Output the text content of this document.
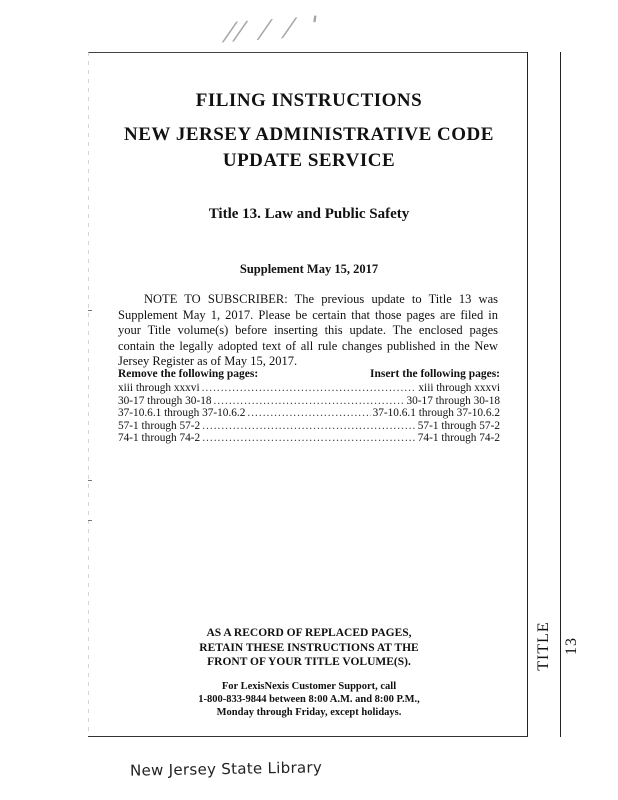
⁄⁄ ⁄ ⁄ ˈ
TITLE 13
FILING INSTRUCTIONS
NEW JERSEY ADMINISTRATIVE CODE
UPDATE SERVICE
Title 13. Law and Public Safety
Supplement May 15, 2017
NOTE TO SUBSCRIBER: The previous update to Title 13 was Supplement May 1, 2017. Please be certain that those pages are filed in your Title volume(s) before inserting this update. The enclosed pages contain the legally adopted text of all rule changes published in the New Jersey Register as of May 15, 2017.
Remove the following pages:	Insert the following pages:
xiii through xxxvi .....	xiii through xxxvi
30-17 through 30-18 .....	30-17 through 30-18
37-10.6.1 through 37-10.6.2 .....	37-10.6.1 through 37-10.6.2
57-1 through 57-2 .....	57-1 through 57-2
74-1 through 74-2 .....	74-1 through 74-2
AS A RECORD OF REPLACED PAGES,
RETAIN THESE INSTRUCTIONS AT THE
FRONT OF YOUR TITLE VOLUME(S).
For LexisNexis Customer Support, call
1-800-833-9844 between 8:00 A.M. and 8:00 P.M.,
Monday through Friday, except holidays.
New Jersey State Library
